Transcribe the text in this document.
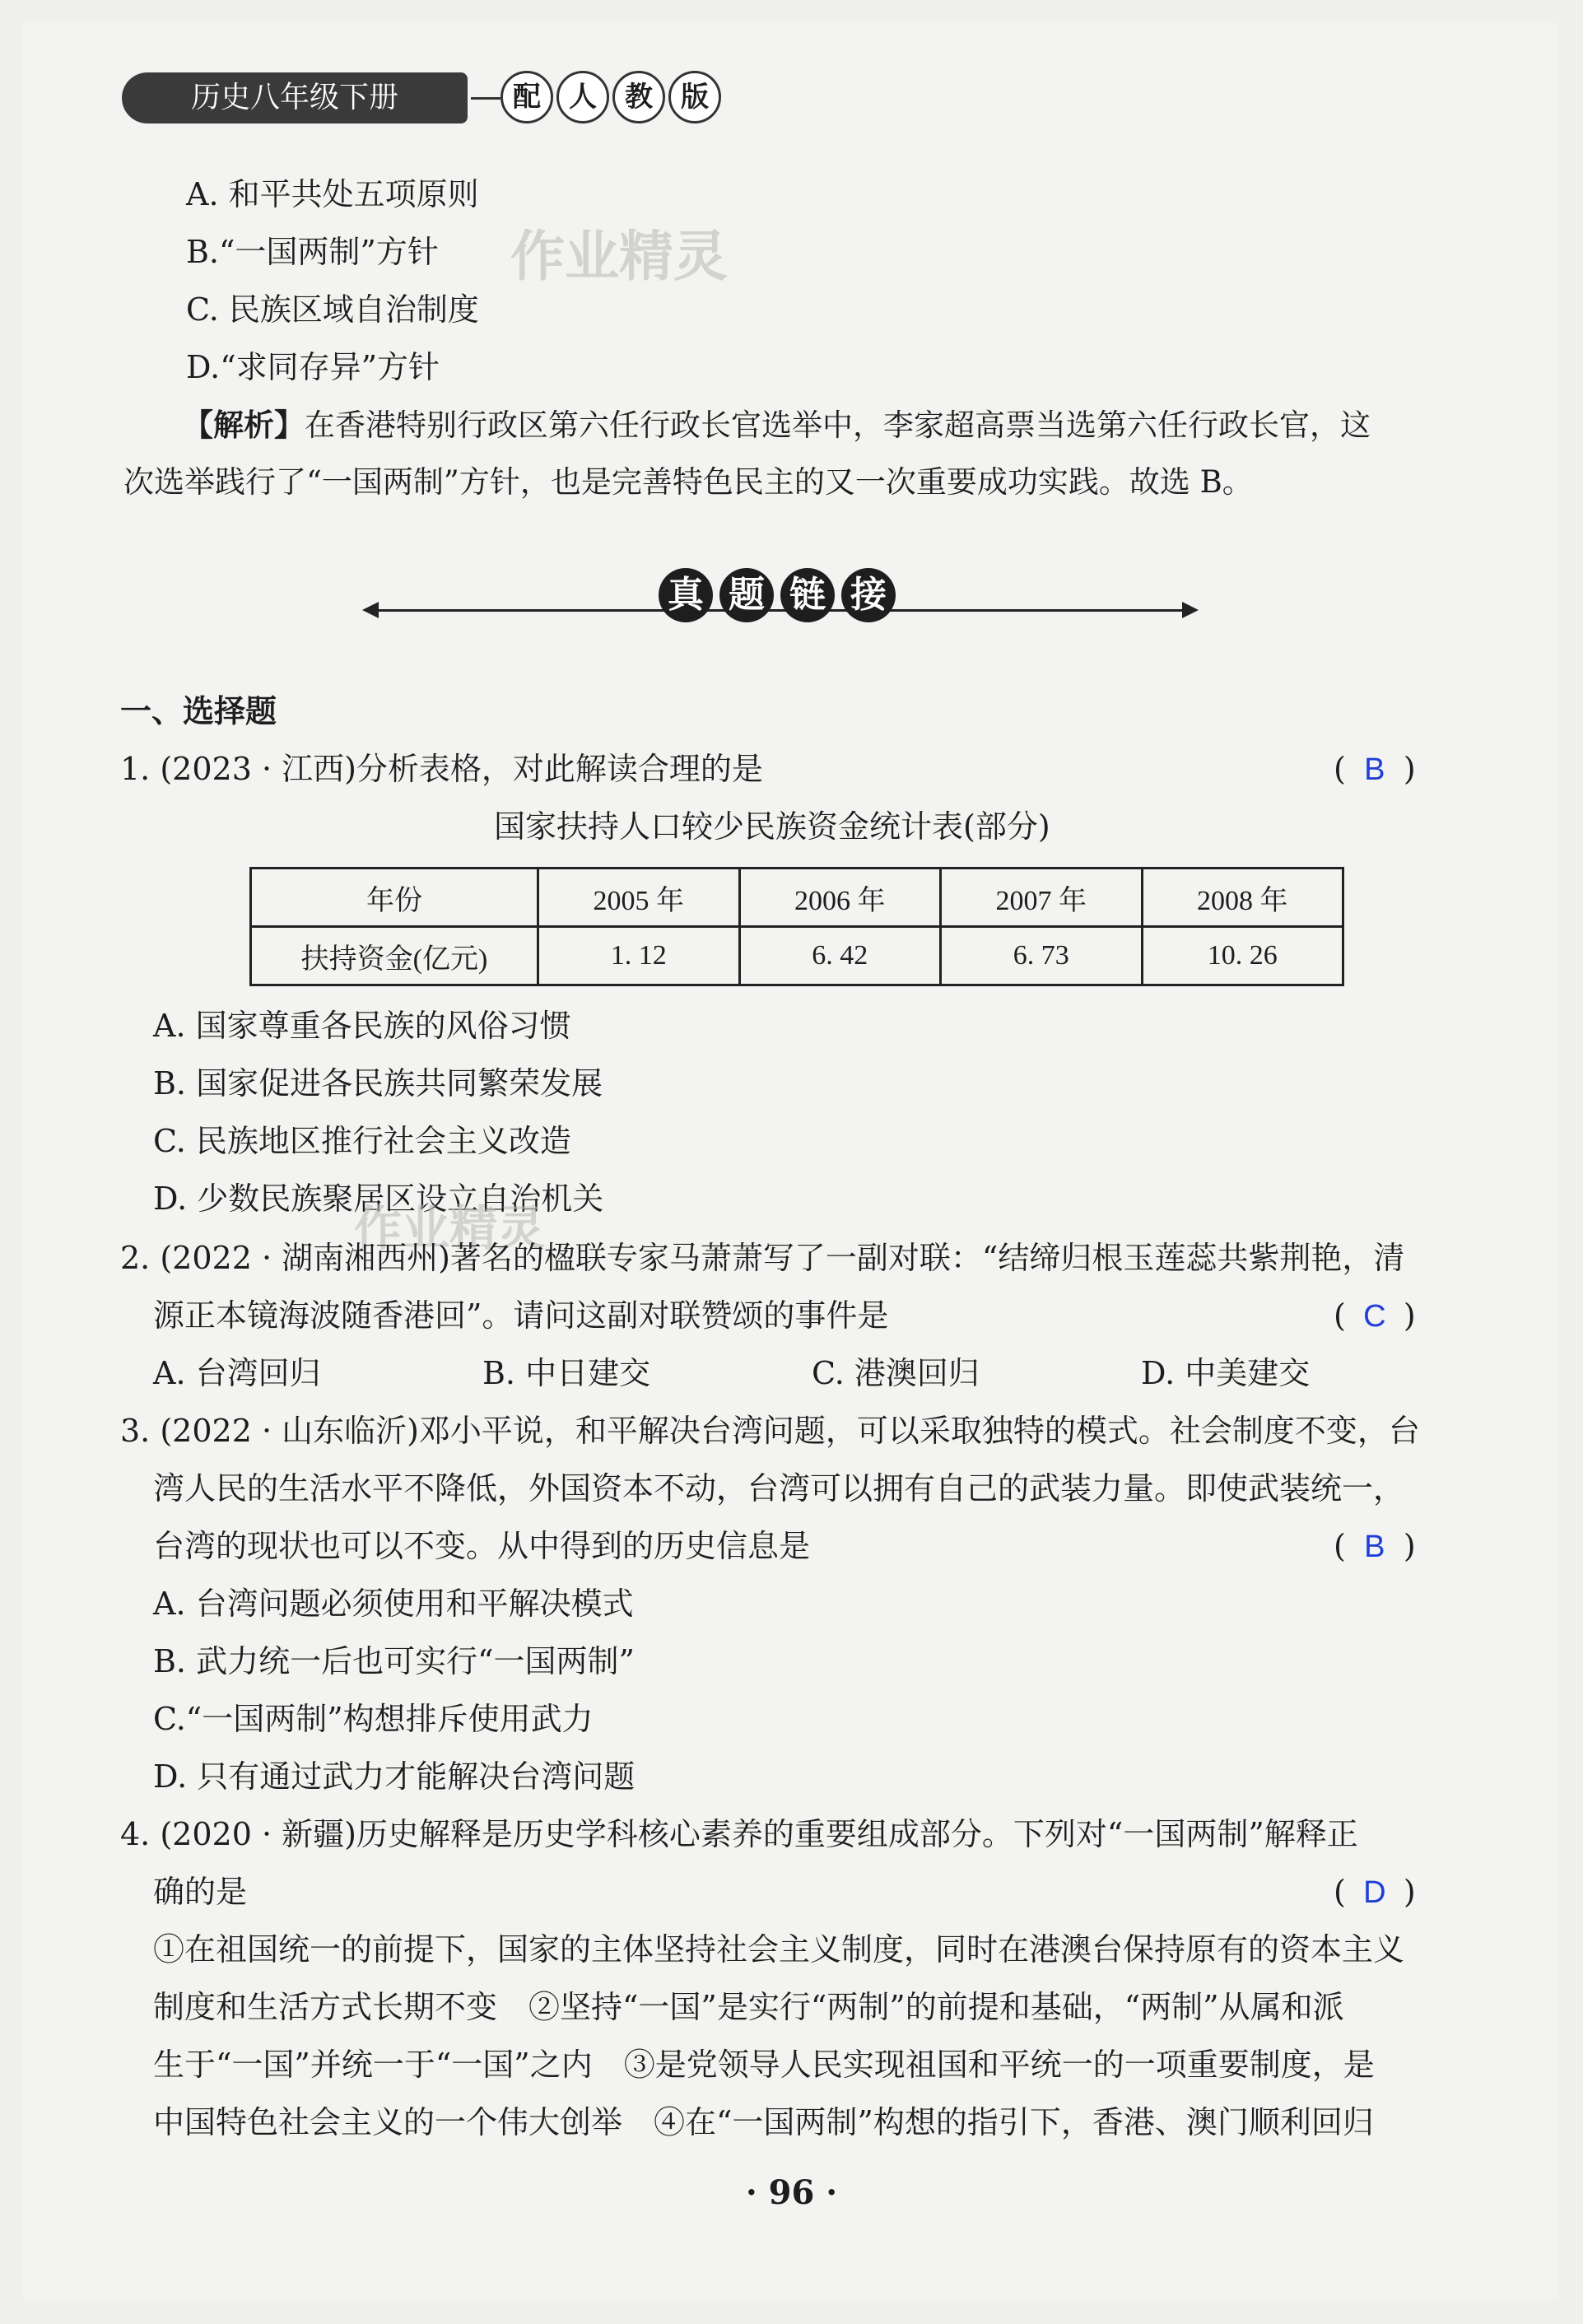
历史八年级下册	配	人	教	版
A. 和平共处五项原则
B.“一国两制”方针
C. 民族区域自治制度
D.“求同存异”方针
作业精灵
【解析】在香港特别行政区第六任行政长官选举中，李家超高票当选第六任行政长官，这
次选举践行了“一国两制”方针，也是完善特色民主的又一次重要成功实践。故选 B。
真 题 链 接
一、选择题
1. (2023 · 江西)分析表格，对此解读合理的是	( B )
国家扶持人口较少民族资金统计表(部分)
年份	2005 年	2006 年	2007 年	2008 年
扶持资金(亿元)	1. 12	6. 42	6. 73	10. 26
A. 国家尊重各民族的风俗习惯
B. 国家促进各民族共同繁荣发展
C. 民族地区推行社会主义改造
D. 少数民族聚居区设立自治机关
作业精灵
2. (2022 · 湖南湘西州)著名的楹联专家马萧萧写了一副对联：“结缔归根玉莲蕊共紫荆艳，清
源正本镜海波随香港回”。请问这副对联赞颂的事件是	( C )
A. 台湾回归	B. 中日建交	C. 港澳回归	D. 中美建交
3. (2022 · 山东临沂)邓小平说，和平解决台湾问题，可以采取独特的模式。社会制度不变，台
湾人民的生活水平不降低，外国资本不动，台湾可以拥有自己的武装力量。即使武装统一，
台湾的现状也可以不变。从中得到的历史信息是	( B )
A. 台湾问题必须使用和平解决模式
B. 武力统一后也可实行“一国两制”
C.“一国两制”构想排斥使用武力
D. 只有通过武力才能解决台湾问题
4. (2020 · 新疆)历史解释是历史学科核心素养的重要组成部分。下列对“一国两制”解释正
确的是	( D )
①在祖国统一的前提下，国家的主体坚持社会主义制度，同时在港澳台保持原有的资本主义
制度和生活方式长期不变　②坚持“一国”是实行“两制”的前提和基础，“两制”从属和派
生于“一国”并统一于“一国”之内　③是党领导人民实现祖国和平统一的一项重要制度，是
中国特色社会主义的一个伟大创举　④在“一国两制”构想的指引下，香港、澳门顺利回归
· 96 ·
